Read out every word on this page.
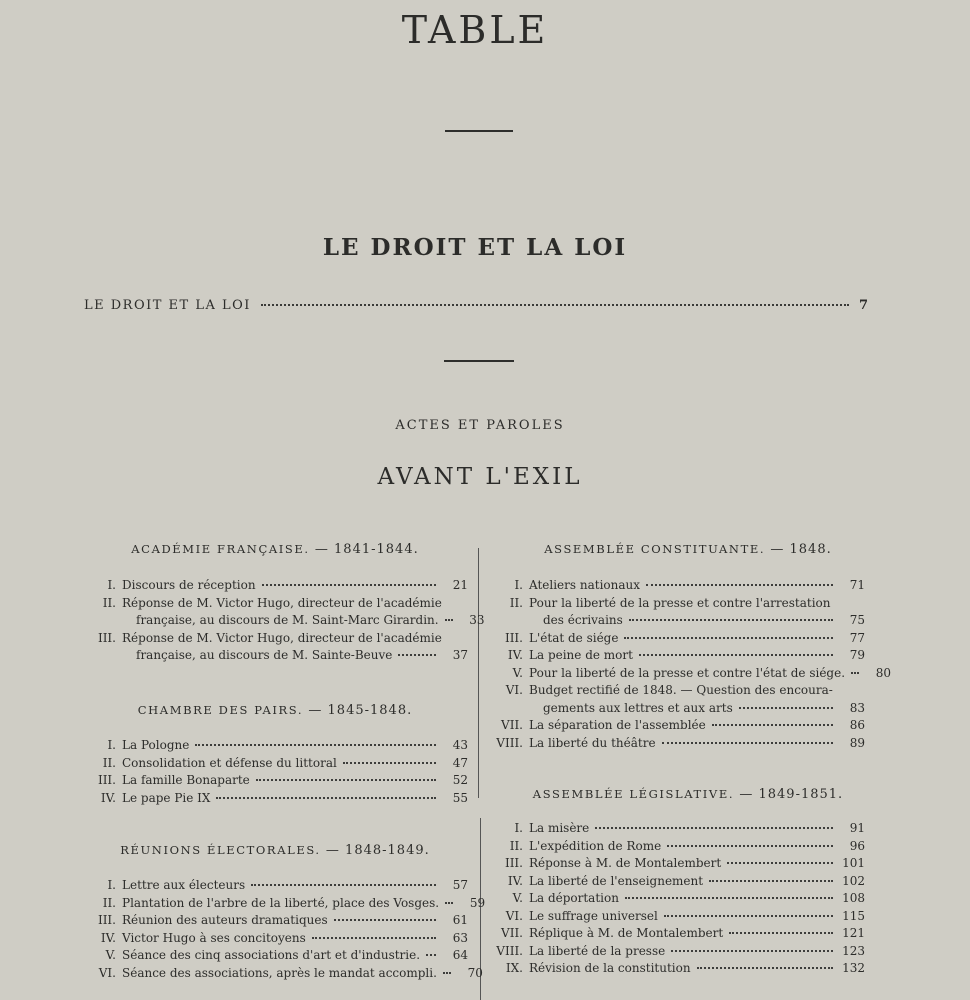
TABLE
LE DROIT ET LA LOI
LE DROIT ET LA LOI	7
ACTES ET PAROLES
AVANT L'EXIL
ACADÉMIE FRANÇAISE. — 1841-1844.
I. Discours de réception	21
II. Réponse de M. Victor Hugo, directeur de l'académie
française, au discours de M. Saint-Marc Girardin.	33
III. Réponse de M. Victor Hugo, directeur de l'académie
française, au discours de M. Sainte-Beuve	37
CHAMBRE DES PAIRS. — 1845-1848.
I. La Pologne	43
II. Consolidation et défense du littoral	47
III. La famille Bonaparte	52
IV. Le pape Pie IX	55
RÉUNIONS ÉLECTORALES. — 1848-1849.
I. Lettre aux électeurs	57
II. Plantation de l'arbre de la liberté, place des Vosges.	59
III. Réunion des auteurs dramatiques	61
IV. Victor Hugo à ses concitoyens	63
V. Séance des cinq associations d'art et d'industrie.	64
VI. Séance des associations, après le mandat accompli.	70
ASSEMBLÉE CONSTITUANTE. — 1848.
I. Ateliers nationaux	71
II. Pour la liberté de la presse et contre l'arrestation
des écrivains	75
III. L'état de siége	77
IV. La peine de mort	79
V. Pour la liberté de la presse et contre l'état de siége.	80
VI. Budget rectifié de 1848. — Question des encoura-
gements aux lettres et aux arts	83
VII. La séparation de l'assemblée	86
VIII. La liberté du théâtre	89
ASSEMBLÉE LÉGISLATIVE. — 1849-1851.
I. La misère	91
II. L'expédition de Rome	96
III. Réponse à M. de Montalembert	101
IV. La liberté de l'enseignement	102
V. La déportation	108
VI. Le suffrage universel	115
VII. Réplique à M. de Montalembert	121
VIII. La liberté de la presse	123
IX. Révision de la constitution	132
